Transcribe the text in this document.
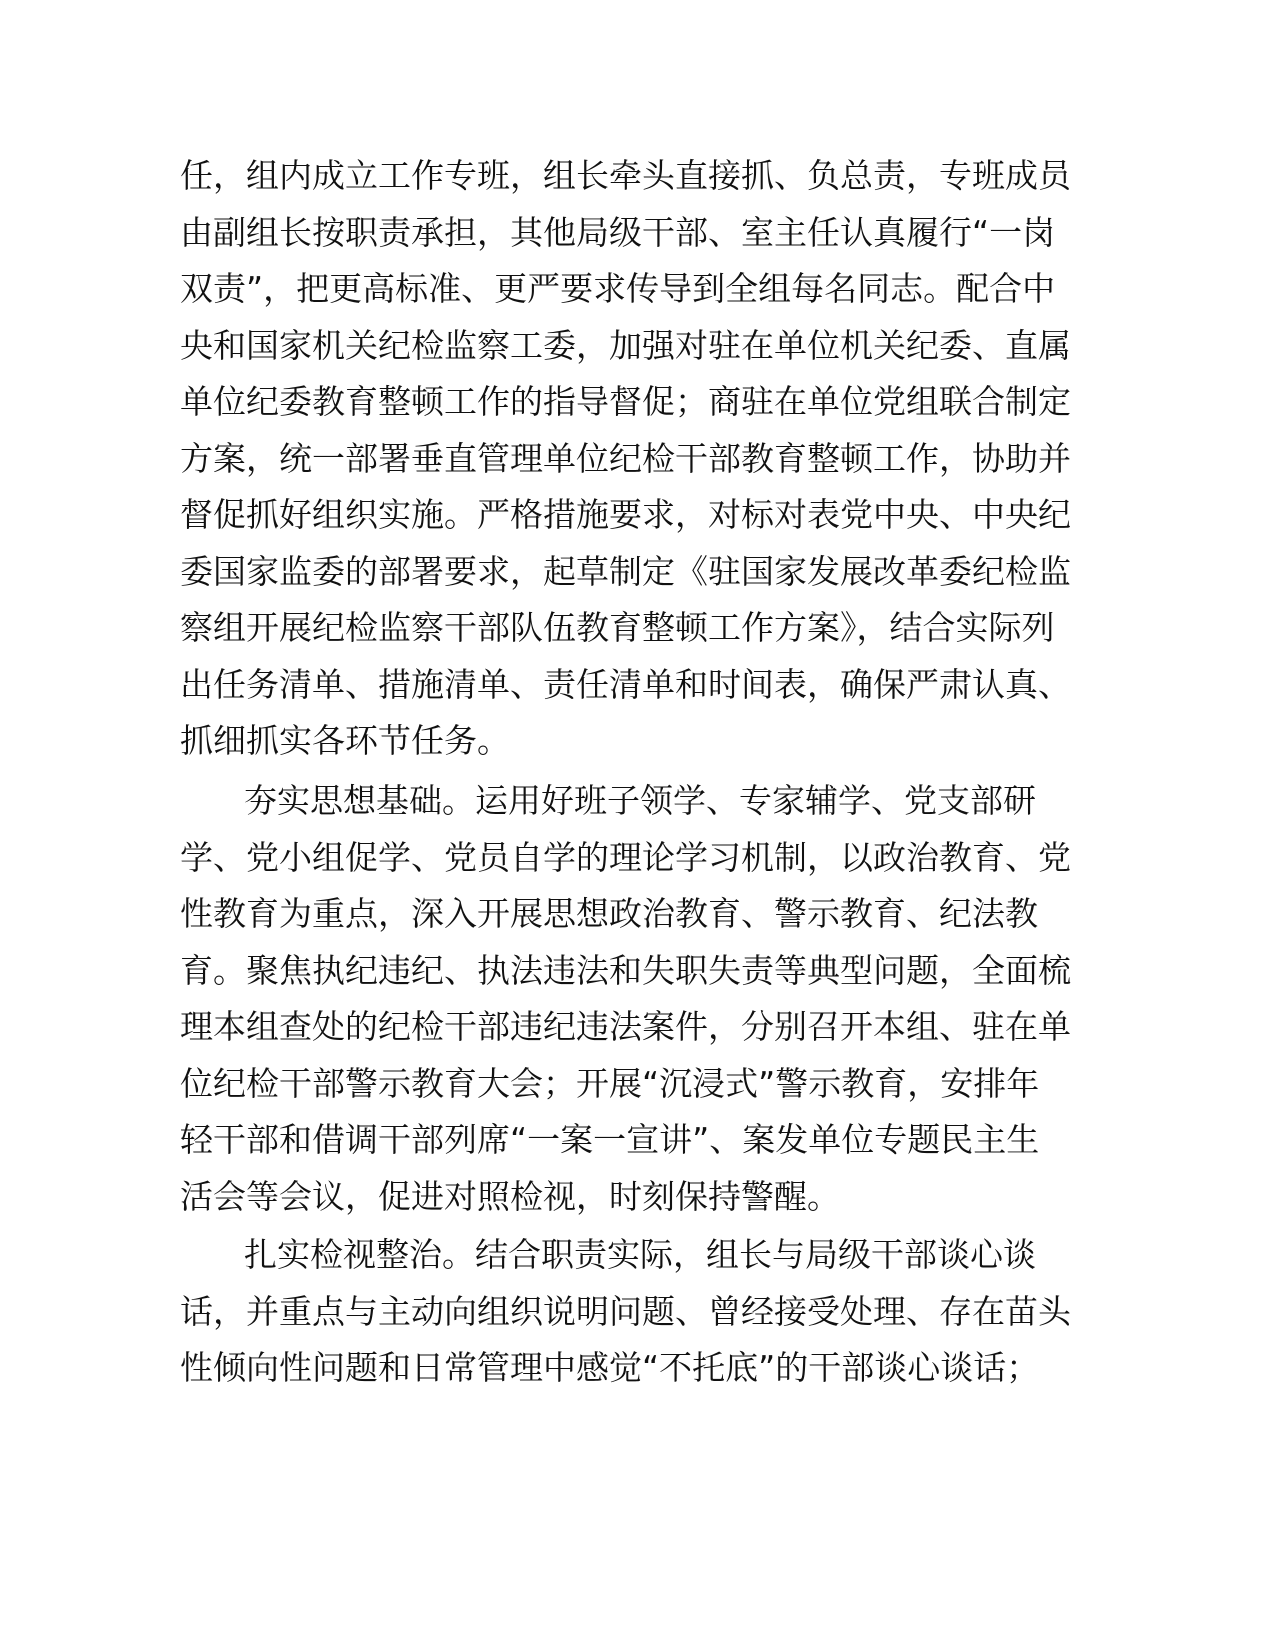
任，组内成立工作专班，组长牵头直接抓、负总责，专班成员
由副组长按职责承担，其他局级干部、室主任认真履行“一岗
双责”，把更高标准、更严要求传导到全组每名同志。配合中
央和国家机关纪检监察工委，加强对驻在单位机关纪委、直属
单位纪委教育整顿工作的指导督促；商驻在单位党组联合制定
方案，统一部署垂直管理单位纪检干部教育整顿工作，协助并
督促抓好组织实施。严格措施要求，对标对表党中央、中央纪
委国家监委的部署要求，起草制定《驻国家发展改革委纪检监
察组开展纪检监察干部队伍教育整顿工作方案》，结合实际列
出任务清单、措施清单、责任清单和时间表，确保严肃认真、
抓细抓实各环节任务。
夯实思想基础。运用好班子领学、专家辅学、党支部研
学、党小组促学、党员自学的理论学习机制，以政治教育、党
性教育为重点，深入开展思想政治教育、警示教育、纪法教
育。聚焦执纪违纪、执法违法和失职失责等典型问题，全面梳
理本组查处的纪检干部违纪违法案件，分别召开本组、驻在单
位纪检干部警示教育大会；开展“沉浸式”警示教育，安排年
轻干部和借调干部列席“一案一宣讲”、案发单位专题民主生
活会等会议，促进对照检视，时刻保持警醒。
扎实检视整治。结合职责实际，组长与局级干部谈心谈
话，并重点与主动向组织说明问题、曾经接受处理、存在苗头
性倾向性问题和日常管理中感觉“不托底”的干部谈心谈话；
